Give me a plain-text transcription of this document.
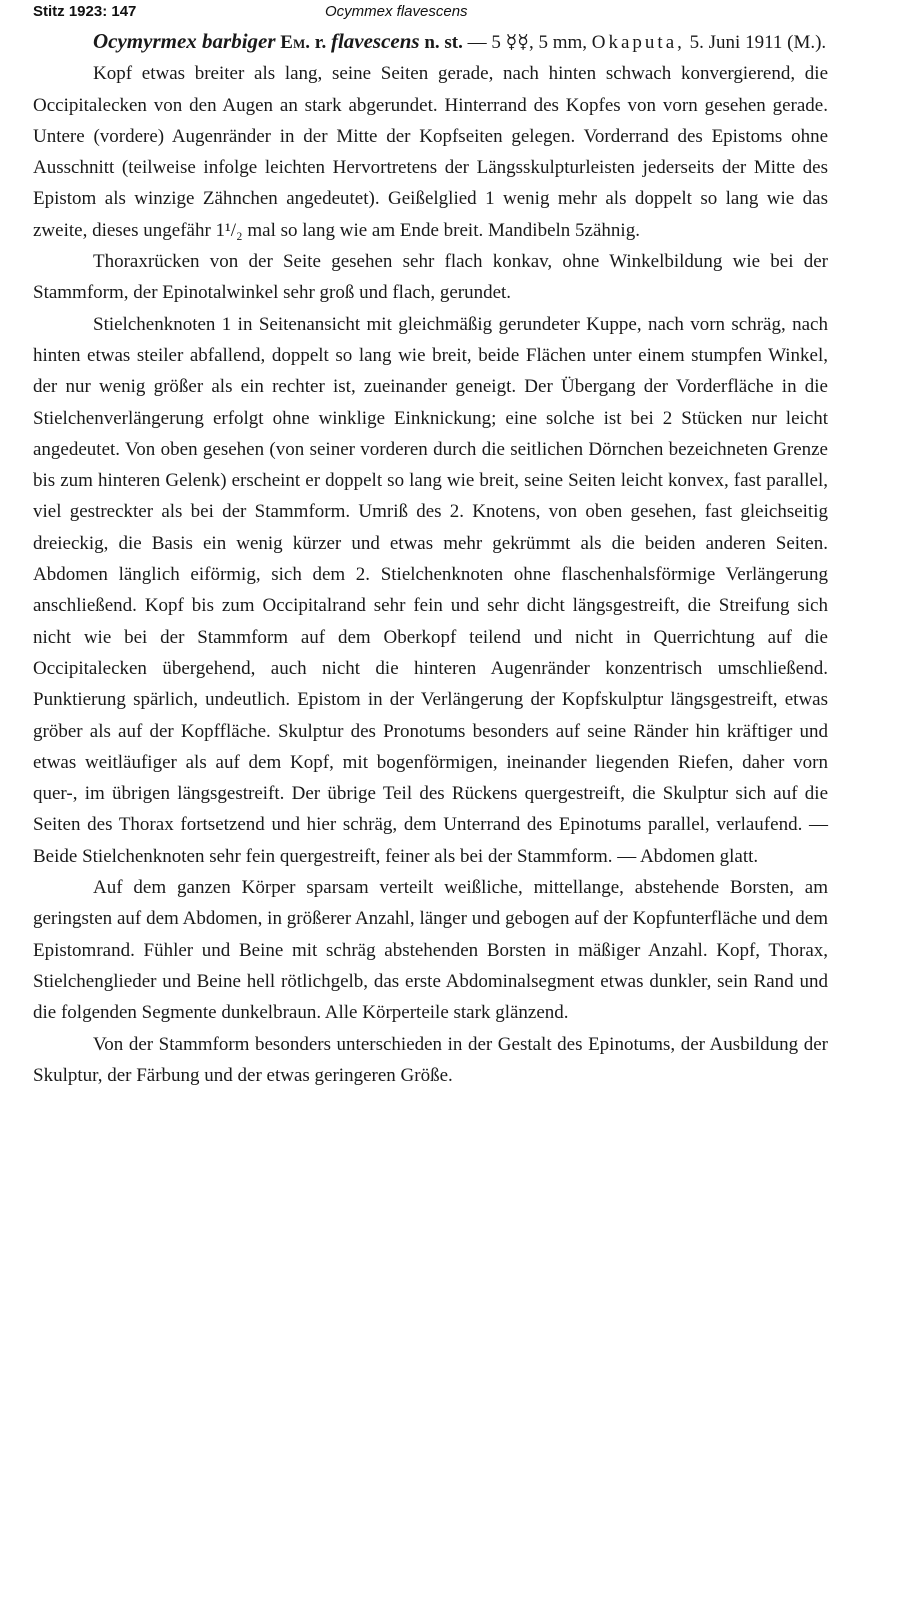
Stitz 1923: 147	Ocymmex flavescens

Ocymyrmex barbiger Em. r. flavescens n. st. — 5 ☿☿, 5 mm, Okaputa, 5. Juni 1911 (M.).

Kopf etwas breiter als lang, seine Seiten gerade, nach hinten schwach konvergierend, die Occipitalecken von den Augen an stark abgerundet. Hinterrand des Kopfes von vorn gesehen gerade. Untere (vordere) Augenränder in der Mitte der Kopfseiten gelegen. Vorderrand des Epistoms ohne Ausschnitt (teilweise infolge leichten Hervortretens der Längsskulpturleisten jederseits der Mitte des Epistom als winzige Zähnchen angedeutet). Geißelglied 1 wenig mehr als doppelt so lang wie das zweite, dieses ungefähr 1¹/₂ mal so lang wie am Ende breit. Mandibeln 5zähnig.

Thoraxrücken von der Seite gesehen sehr flach konkav, ohne Winkelbildung wie bei der Stammform, der Epinotalwinkel sehr groß und flach, gerundet.

Stielchenknoten 1 in Seitenansicht mit gleichmäßig gerundeter Kuppe, nach vorn schräg, nach hinten etwas steiler abfallend, doppelt so lang wie breit, beide Flächen unter einem stumpfen Winkel, der nur wenig größer als ein rechter ist, zueinander geneigt. Der Übergang der Vorderfläche in die Stielchenverlängerung erfolgt ohne winklige Einknickung; eine solche ist bei 2 Stücken nur leicht angedeutet. Von oben gesehen (von seiner vorderen durch die seitlichen Dörnchen bezeichneten Grenze bis zum hinteren Gelenk) erscheint er doppelt so lang wie breit, seine Seiten leicht konvex, fast parallel, viel gestreckter als bei der Stammform. Umriß des 2. Knotens, von oben gesehen, fast gleichseitig dreieckig, die Basis ein wenig kürzer und etwas mehr gekrümmt als die beiden anderen Seiten. Abdomen länglich eiförmig, sich dem 2. Stielchenknoten ohne flaschenhalsförmige Verlängerung anschließend. Kopf bis zum Occipitalrand sehr fein und sehr dicht längsgestreift, die Streifung sich nicht wie bei der Stammform auf dem Oberkopf teilend und nicht in Querrichtung auf die Occipitalecken übergehend, auch nicht die hinteren Augenränder konzentrisch umschließend. Punktierung spärlich, undeutlich. Epistom in der Verlängerung der Kopfskulptur längsgestreift, etwas gröber als auf der Kopffläche. Skulptur des Pronotums besonders auf seine Ränder hin kräftiger und etwas weitläufiger als auf dem Kopf, mit bogenförmigen, ineinander liegenden Riefen, daher vorn quer-, im übrigen längsgestreift. Der übrige Teil des Rückens quergestreift, die Skulptur sich auf die Seiten des Thorax fortsetzend und hier schräg, dem Unterrand des Epinotums parallel, verlaufend. — Beide Stielchenknoten sehr fein quergestreift, feiner als bei der Stammform. — Abdomen glatt.

Auf dem ganzen Körper sparsam verteilt weißliche, mittellange, abstehende Borsten, am geringsten auf dem Abdomen, in größerer Anzahl, länger und gebogen auf der Kopfunterfläche und dem Epistomrand. Fühler und Beine mit schräg abstehenden Borsten in mäßiger Anzahl. Kopf, Thorax, Stielchenglieder und Beine hell rötlichgelb, das erste Abdominalsegment etwas dunkler, sein Rand und die folgenden Segmente dunkelbraun. Alle Körperteile stark glänzend.

Von der Stammform besonders unterschieden in der Gestalt des Epinotums, der Ausbildung der Skulptur, der Färbung und der etwas geringeren Größe.
